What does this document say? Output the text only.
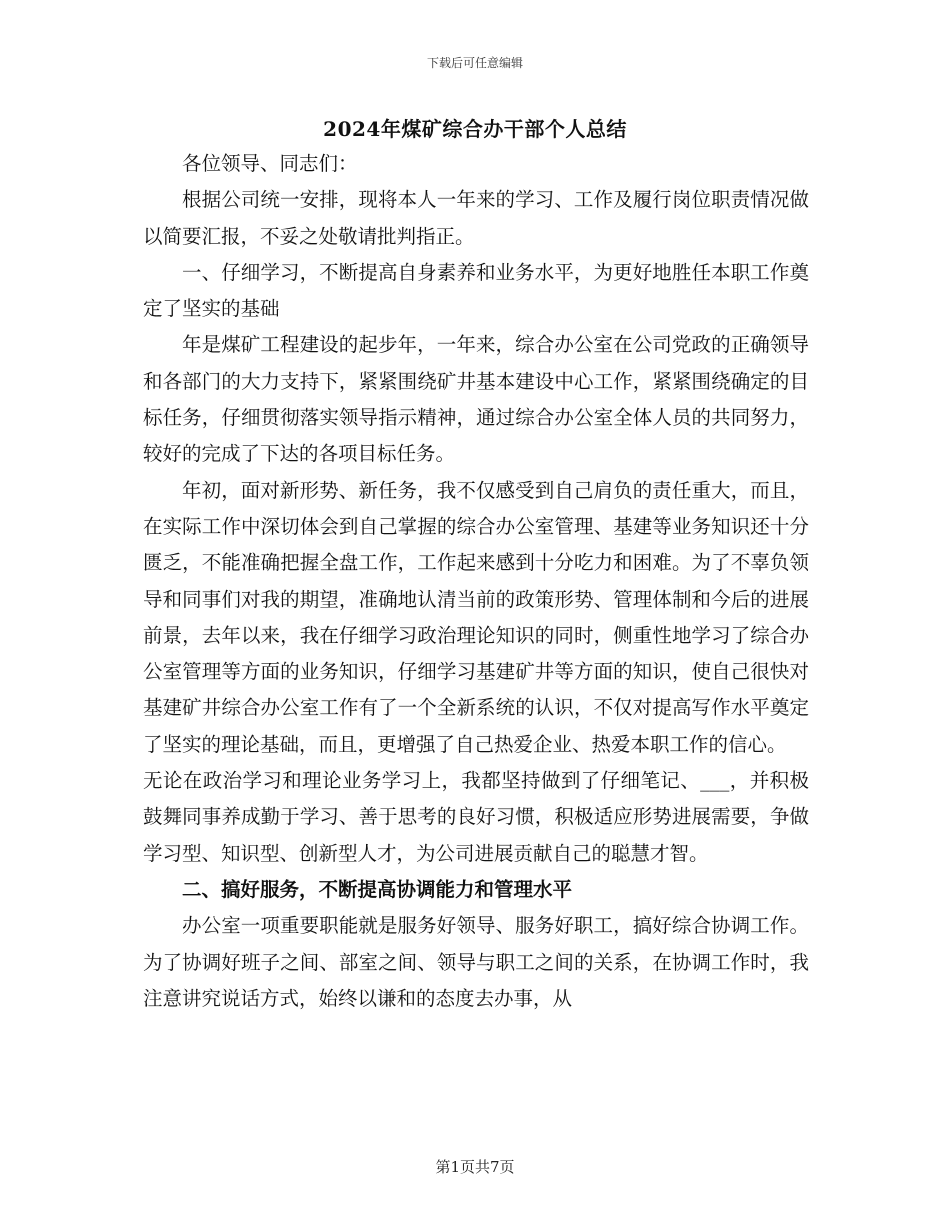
下载后可任意编辑
2024年煤矿综合办干部个人总结

各位领导、同志们：

根据公司统一安排，现将本人一年来的学习、工作及履行岗位职责情况做以简要汇报，不妥之处敬请批判指正。

一、仔细学习，不断提高自身素养和业务水平，为更好地胜任本职工作奠定了坚实的基础

年是煤矿工程建设的起步年，一年来，综合办公室在公司党政的正确领导和各部门的大力支持下，紧紧围绕矿井基本建设中心工作，紧紧围绕确定的目标任务，仔细贯彻落实领导指示精神，通过综合办公室全体人员的共同努力，较好的完成了下达的各项目标任务。

年初，面对新形势、新任务，我不仅感受到自己肩负的责任重大，而且，在实际工作中深切体会到自己掌握的综合办公室管理、基建等业务知识还十分匮乏，不能准确把握全盘工作，工作起来感到十分吃力和困难。为了不辜负领导和同事们对我的期望，准确地认清当前的政策形势、管理体制和今后的进展前景，去年以来，我在仔细学习政治理论知识的同时，侧重性地学习了综合办公室管理等方面的业务知识，仔细学习基建矿井等方面的知识，使自己很快对基建矿井综合办公室工作有了一个全新系统的认识，不仅对提高写作水平奠定了坚实的理论基础，而且，更增强了自己热爱企业、热爱本职工作的信心。

无论在政治学习和理论业务学习上，我都坚持做到了仔细笔记、___，并积极鼓舞同事养成勤于学习、善于思考的良好习惯，积极适应形势进展需要，争做学习型、知识型、创新型人才，为公司进展贡献自己的聪慧才智。

二、搞好服务，不断提高协调能力和管理水平

办公室一项重要职能就是服务好领导、服务好职工，搞好综合协调工作。为了协调好班子之间、部室之间、领导与职工之间的关系，在协调工作时，我注意讲究说话方式，始终以谦和的态度去办事，从

第1页共7页
